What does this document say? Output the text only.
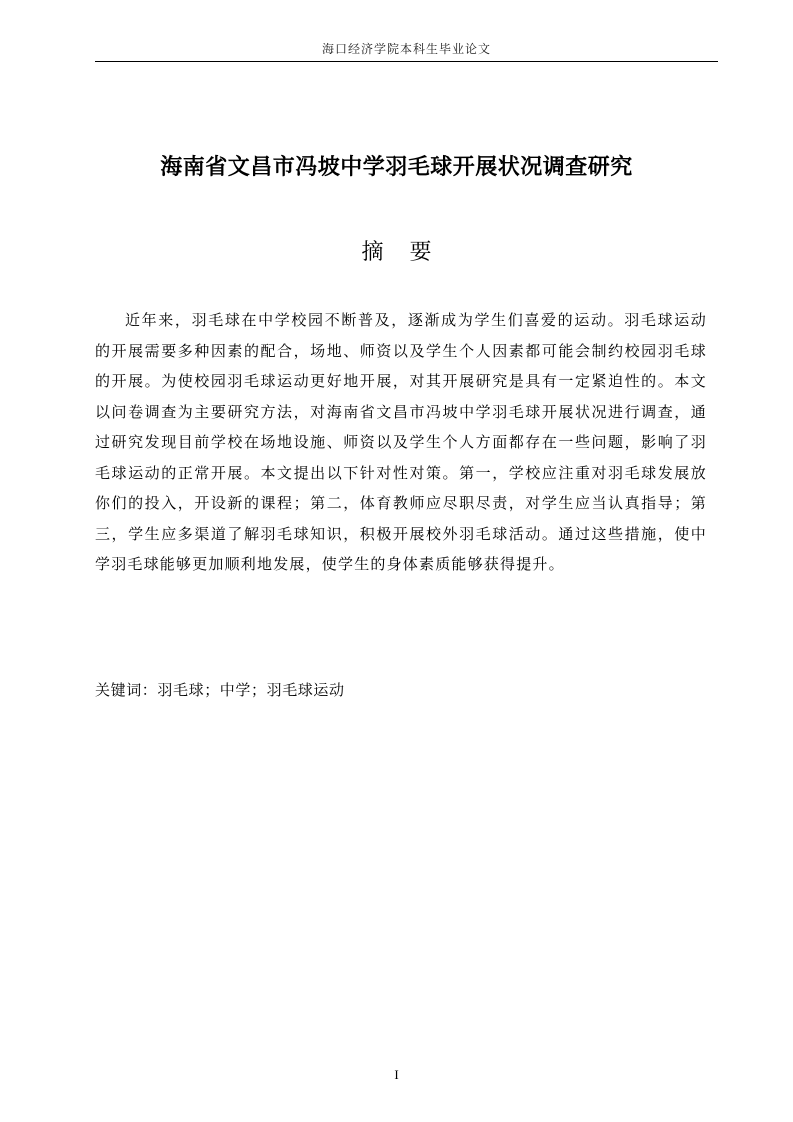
海口经济学院本科生毕业论文
海南省文昌市冯坡中学羽毛球开展状况调查研究
摘要

近年来，羽毛球在中学校园不断普及，逐渐成为学生们喜爱的运动。羽毛球运动的开展需要多种因素的配合，场地、师资以及学生个人因素都可能会制约校园羽毛球的开展。为使校园羽毛球运动更好地开展，对其开展研究是具有一定紧迫性的。本文以问卷调查为主要研究方法，对海南省文昌市冯坡中学羽毛球开展状况进行调查，通过研究发现目前学校在场地设施、师资以及学生个人方面都存在一些问题，影响了羽毛球运动的正常开展。本文提出以下针对性对策。第一，学校应注重对羽毛球发展放你们的投入，开设新的课程；第二，体育教师应尽职尽责，对学生应当认真指导；第三，学生应多渠道了解羽毛球知识，积极开展校外羽毛球活动。通过这些措施，使中学羽毛球能够更加顺利地发展，使学生的身体素质能够获得提升。

关键词：羽毛球；中学；羽毛球运动
I
